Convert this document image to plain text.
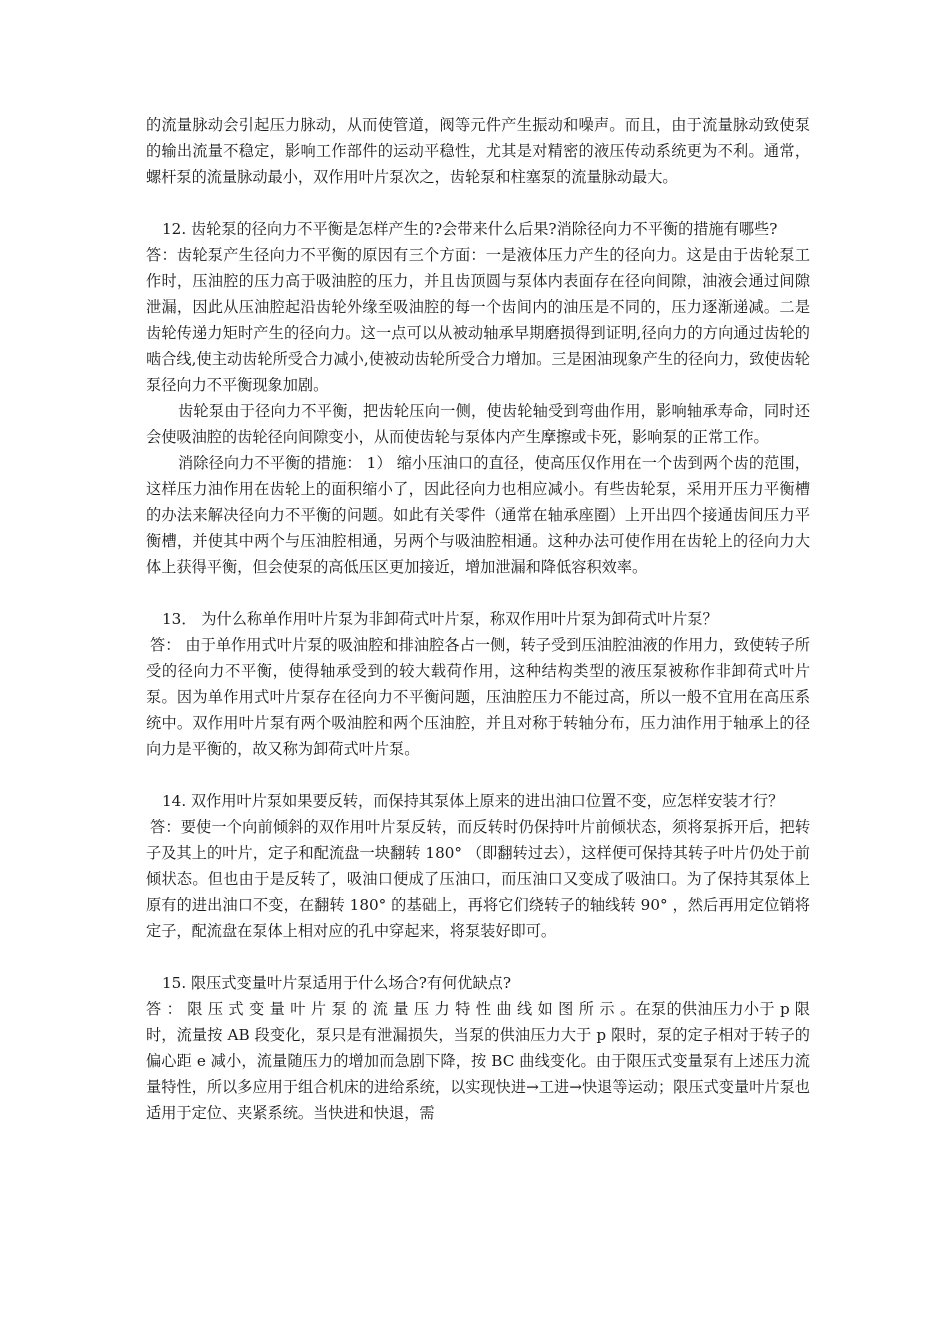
的流量脉动会引起压力脉动，从而使管道，阀等元件产生振动和噪声。而且，由于流量脉动致使泵的输出流量不稳定，影响工作部件的运动平稳性，尤其是对精密的液压传动系统更为不利。通常，螺杆泵的流量脉动最小，双作用叶片泵次之，齿轮泵和柱塞泵的流量脉动最大。

12. 齿轮泵的径向力不平衡是怎样产生的?会带来什么后果?消除径向力不平衡的措施有哪些?

答：齿轮泵产生径向力不平衡的原因有三个方面：一是液体压力产生的径向力。这是由于齿轮泵工作时，压油腔的压力高于吸油腔的压力，并且齿顶圆与泵体内表面存在径向间隙，油液会通过间隙泄漏，因此从压油腔起沿齿轮外缘至吸油腔的每一个齿间内的油压是不同的，压力逐渐递减。二是齿轮传递力矩时产生的径向力。这一点可以从被动轴承早期磨损得到证明,径向力的方向通过齿轮的啮合线,使主动齿轮所受合力减小,使被动齿轮所受合力增加。三是困油现象产生的径向力，致使齿轮泵径向力不平衡现象加剧。

齿轮泵由于径向力不平衡，把齿轮压向一侧，使齿轮轴受到弯曲作用，影响轴承寿命，同时还会使吸油腔的齿轮径向间隙变小，从而使齿轮与泵体内产生摩擦或卡死，影响泵的正常工作。

消除径向力不平衡的措施： 1） 缩小压油口的直径，使高压仅作用在一个齿到两个齿的范围，这样压力油作用在齿轮上的面积缩小了，因此径向力也相应减小。有些齿轮泵，采用开压力平衡槽的办法来解决径向力不平衡的问题。如此有关零件（通常在轴承座圈）上开出四个接通齿间压力平衡槽，并使其中两个与压油腔相通，另两个与吸油腔相通。这种办法可使作用在齿轮上的径向力大体上获得平衡，但会使泵的高低压区更加接近，增加泄漏和降低容积效率。

13． 为什么称单作用叶片泵为非卸荷式叶片泵，称双作用叶片泵为卸荷式叶片泵？

答： 由于单作用式叶片泵的吸油腔和排油腔各占一侧，转子受到压油腔油液的作用力，致使转子所受的径向力不平衡，使得轴承受到的较大载荷作用，这种结构类型的液压泵被称作非卸荷式叶片泵。因为单作用式叶片泵存在径向力不平衡问题，压油腔压力不能过高，所以一般不宜用在高压系统中。双作用叶片泵有两个吸油腔和两个压油腔，并且对称于转轴分布，压力油作用于轴承上的径向力是平衡的，故又称为卸荷式叶片泵。

14. 双作用叶片泵如果要反转，而保持其泵体上原来的进出油口位置不变，应怎样安装才行？

答：要使一个向前倾斜的双作用叶片泵反转，而反转时仍保持叶片前倾状态，须将泵拆开后，把转子及其上的叶片，定子和配流盘一块翻转 180° （即翻转过去），这样便可保持其转子叶片仍处于前倾状态。但也由于是反转了，吸油口便成了压油口，而压油口又变成了吸油口。为了保持其泵体上原有的进出油口不变，在翻转 180° 的基础上，再将它们绕转子的轴线转 90° ，然后再用定位销将定子，配流盘在泵体上相对应的孔中穿起来，将泵装好即可。

15. 限压式变量叶片泵适用于什么场合?有何优缺点?

答 ： 限 压 式 变 量 叶 片 泵 的 流 量 压 力 特 性 曲 线 如 图 所 示 。在泵的供油压力小于 p 限时，流量按 AB 段变化，泵只是有泄漏损失，当泵的供油压力大于 p 限时，泵的定子相对于转子的偏心距 e 减小，流量随压力的增加而急剧下降，按 BC 曲线变化。由于限压式变量泵有上述压力流量特性，所以多应用于组合机床的进给系统，以实现快进→工进→快退等运动；限压式变量叶片泵也适用于定位、夹紧系统。当快进和快退，需
